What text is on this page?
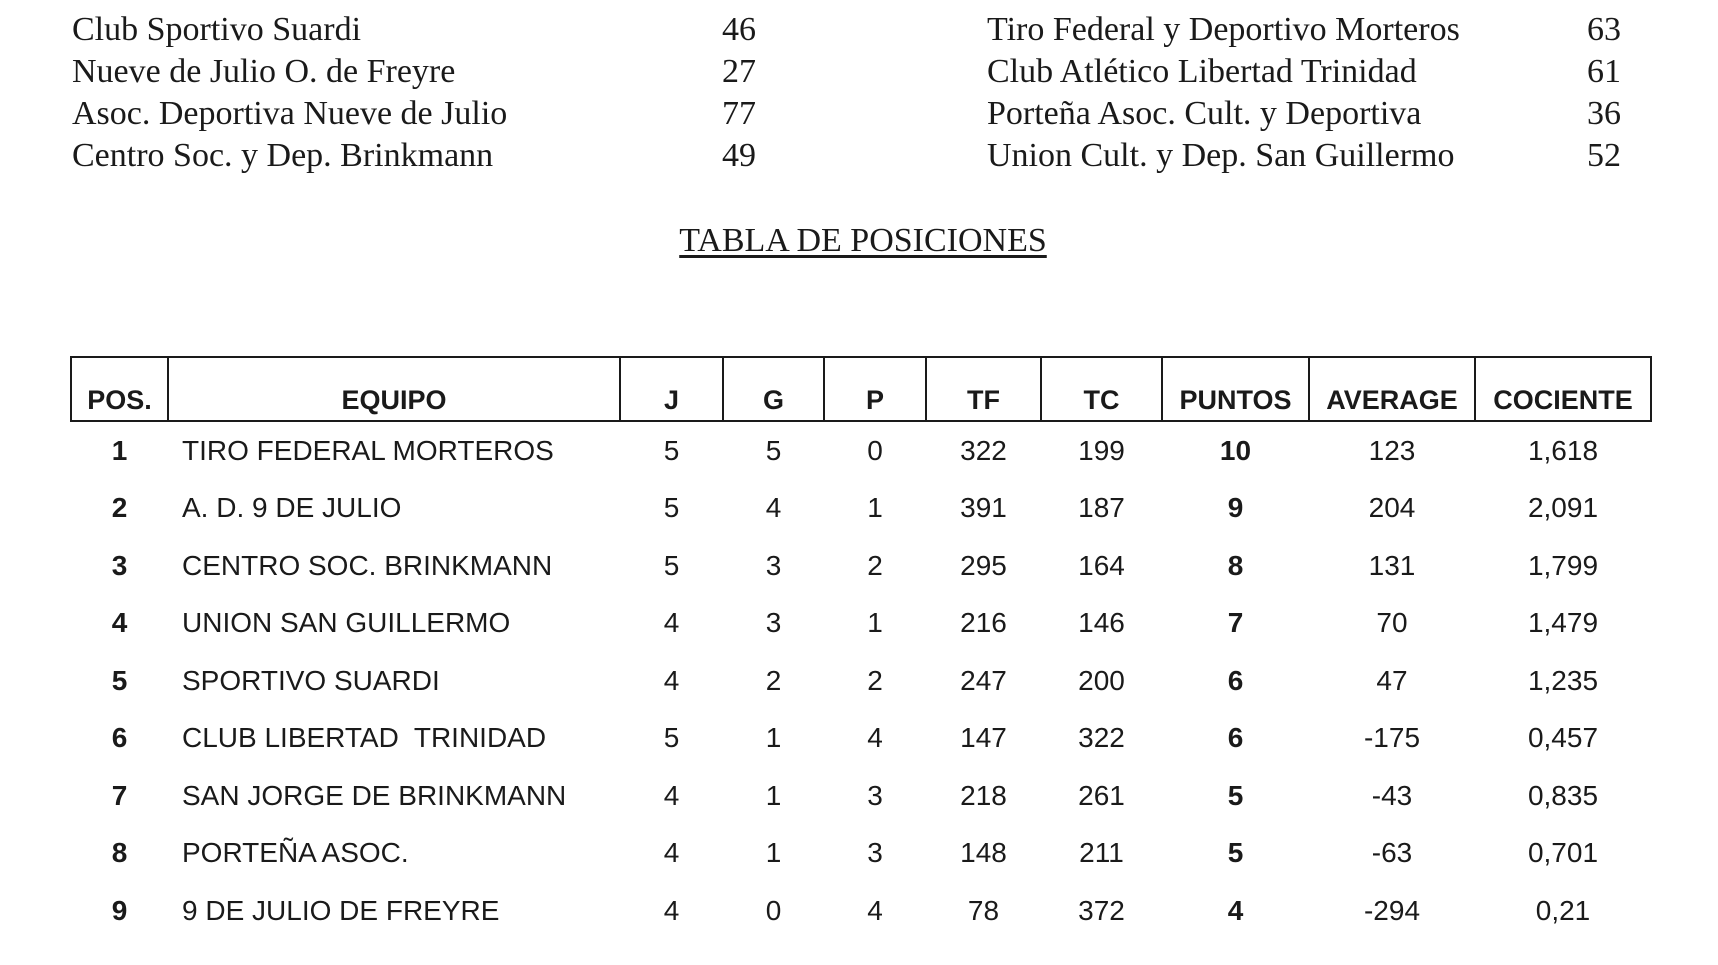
Club Sportivo Suardi	46
Nueve de Julio O. de Freyre	27
Asoc. Deportiva Nueve de Julio	77
Centro Soc. y Dep. Brinkmann	49
Tiro Federal y Deportivo Morteros	63
Club Atlético Libertad Trinidad	61
Porteña Asoc. Cult. y Deportiva	36
Union Cult. y Dep. San Guillermo	52
TABLA DE POSICIONES
POS.	EQUIPO	J	G	P	TF	TC	PUNTOS	AVERAGE	COCIENTE
1	TIRO FEDERAL MORTEROS	5	5	0	322	199	10	123	1,618
2	A. D. 9 DE JULIO	5	4	1	391	187	9	204	2,091
3	CENTRO SOC. BRINKMANN	5	3	2	295	164	8	131	1,799
4	UNION SAN GUILLERMO	4	3	1	216	146	7	70	1,479
5	SPORTIVO SUARDI	4	2	2	247	200	6	47	1,235
6	CLUB LIBERTAD  TRINIDAD	5	1	4	147	322	6	-175	0,457
7	SAN JORGE DE BRINKMANN	4	1	3	218	261	5	-43	0,835
8	PORTEÑA ASOC.	4	1	3	148	211	5	-63	0,701
9	9 DE JULIO DE FREYRE	4	0	4	78	372	4	-294	0,21
